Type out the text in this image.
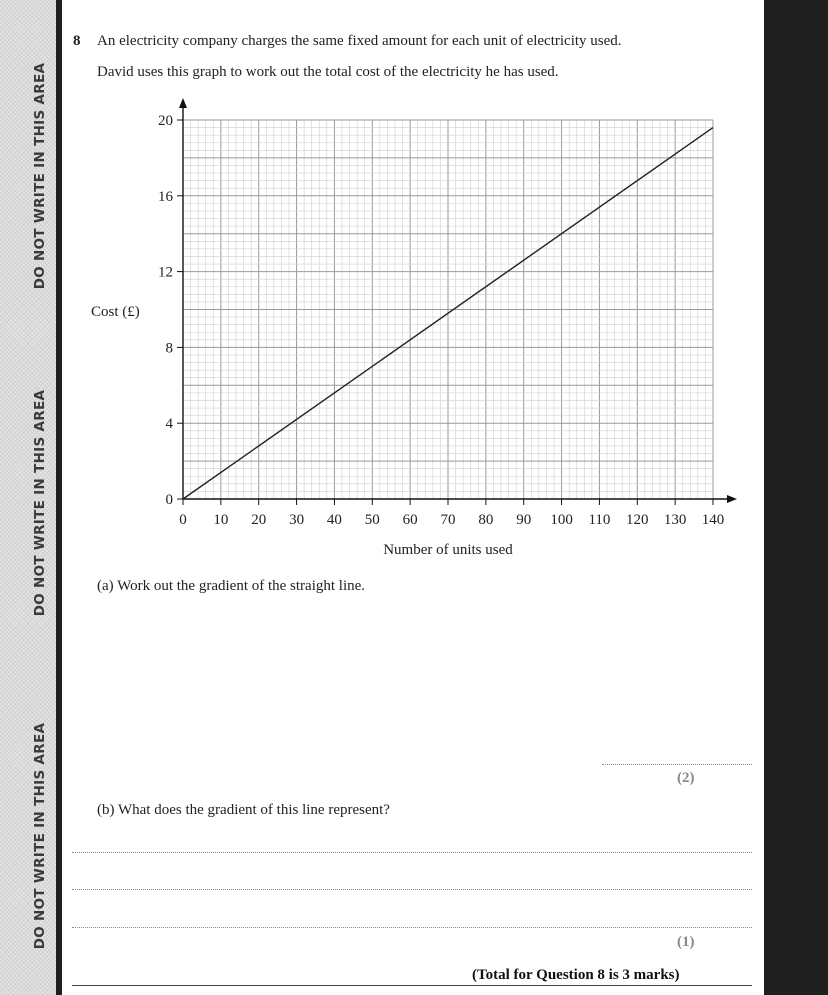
DO NOT WRITE IN THIS AREA
DO NOT WRITE IN THIS AREA
DO NOT WRITE IN THIS AREA
8 An electricity company charges the same fixed amount for each unit of electricity used.
David uses this graph to work out the total cost of the electricity he has used.
0 10 20 30 40 50 60 70 80 90 100 110 120 130 140
0
4
8
12
16
20
Cost (£)
Number of units used
(a) Work out the gradient of the straight line.
(2)
(b) What does the gradient of this line represent?
(1)
(Total for Question 8 is 3 marks)
